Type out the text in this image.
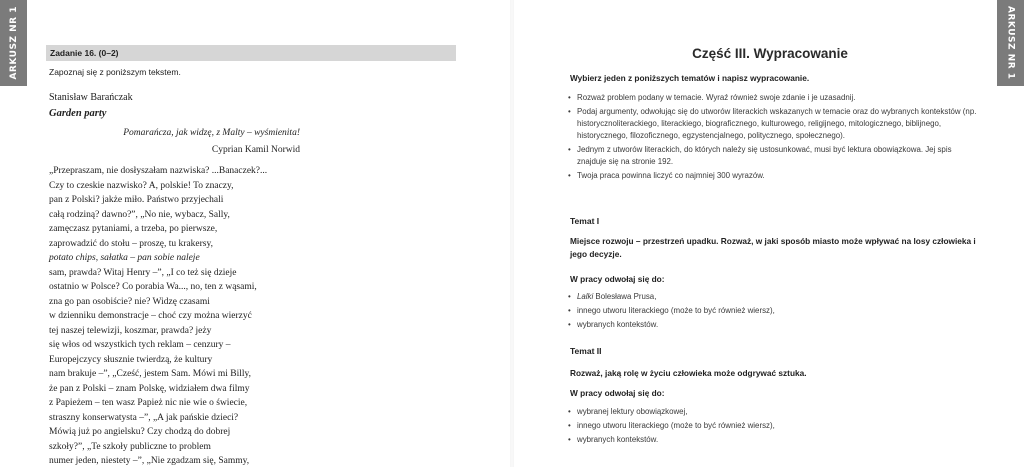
ARKUSZ NR 1	ARKUSZ NR 1
Zadanie 16. (0–2)
Zapoznaj się z poniższym tekstem.
Stanisław Barańczak
Garden party
Pomarańcza, jak widzę, z Malty – wyśmienita!
Cyprian Kamil Norwid
„Przepraszam, nie dosłyszałam nazwiska? ...Banaczek?...
Czy to czeskie nazwisko? A, polskie! To znaczy,
pan z Polski? jakże miło. Państwo przyjechali
całą rodziną? dawno?”, „No nie, wybacz, Sally,
zamęczasz pytaniami, a trzeba, po pierwsze,
zaprowadzić do stołu – proszę, tu krakersy,
potato chips, sałatka – pan sobie naleje
sam, prawda? Witaj Henry –”, „I co też się dzieje
ostatnio w Polsce? Co porabia Wa..., no, ten z wąsami,
zna go pan osobiście? nie? Widzę czasami
w dzienniku demonstracje – choć czy można wierzyć
tej naszej telewizji, koszmar, prawda? jeży
się włos od wszystkich tych reklam – cenzury –
Europejczycy słusznie twierdzą, że kultury
nam brakuje –”, „Cześć, jestem Sam. Mówi mi Billy,
że pan z Polski – znam Polskę, widziałem dwa filmy
z Papieżem – ten wasz Papież nic nie wie o świecie,
straszny konserwatysta –”, „A jak pańskie dzieci?
Mówią już po angielsku? Czy chodzą do dobrej
szkoły?”, „Te szkoły publiczne to problem
numer jeden, niestety –”, „Nie zgadzam się, Sammy,
Część III. Wypracowanie
Wybierz jeden z poniższych tematów i napisz wypracowanie.
• Rozważ problem podany w temacie. Wyraź również swoje zdanie i je uzasadnij.
• Podaj argumenty, odwołując się do utworów literackich wskazanych w temacie oraz do wybranych kontekstów (np. historycznoliterackiego, literackiego, biograficznego, kulturowego, religijnego, mitologicznego, biblijnego, historycznego, filozoficznego, egzystencjalnego, politycznego, społecznego).
• Jednym z utworów literackich, do których należy się ustosunkować, musi być lektura obowiązkowa. Jej spis znajduje się na stronie 192.
• Twoja praca powinna liczyć co najmniej 300 wyrazów.
Temat I
Miejsce rozwoju – przestrzeń upadku. Rozważ, w jaki sposób miasto może wpływać na losy człowieka i jego decyzje.
W pracy odwołaj się do:
• Lalki Bolesława Prusa,
• innego utworu literackiego (może to być również wiersz),
• wybranych kontekstów.
Temat II
Rozważ, jaką rolę w życiu człowieka może odgrywać sztuka.
W pracy odwołaj się do:
• wybranej lektury obowiązkowej,
• innego utworu literackiego (może to być również wiersz),
• wybranych kontekstów.
